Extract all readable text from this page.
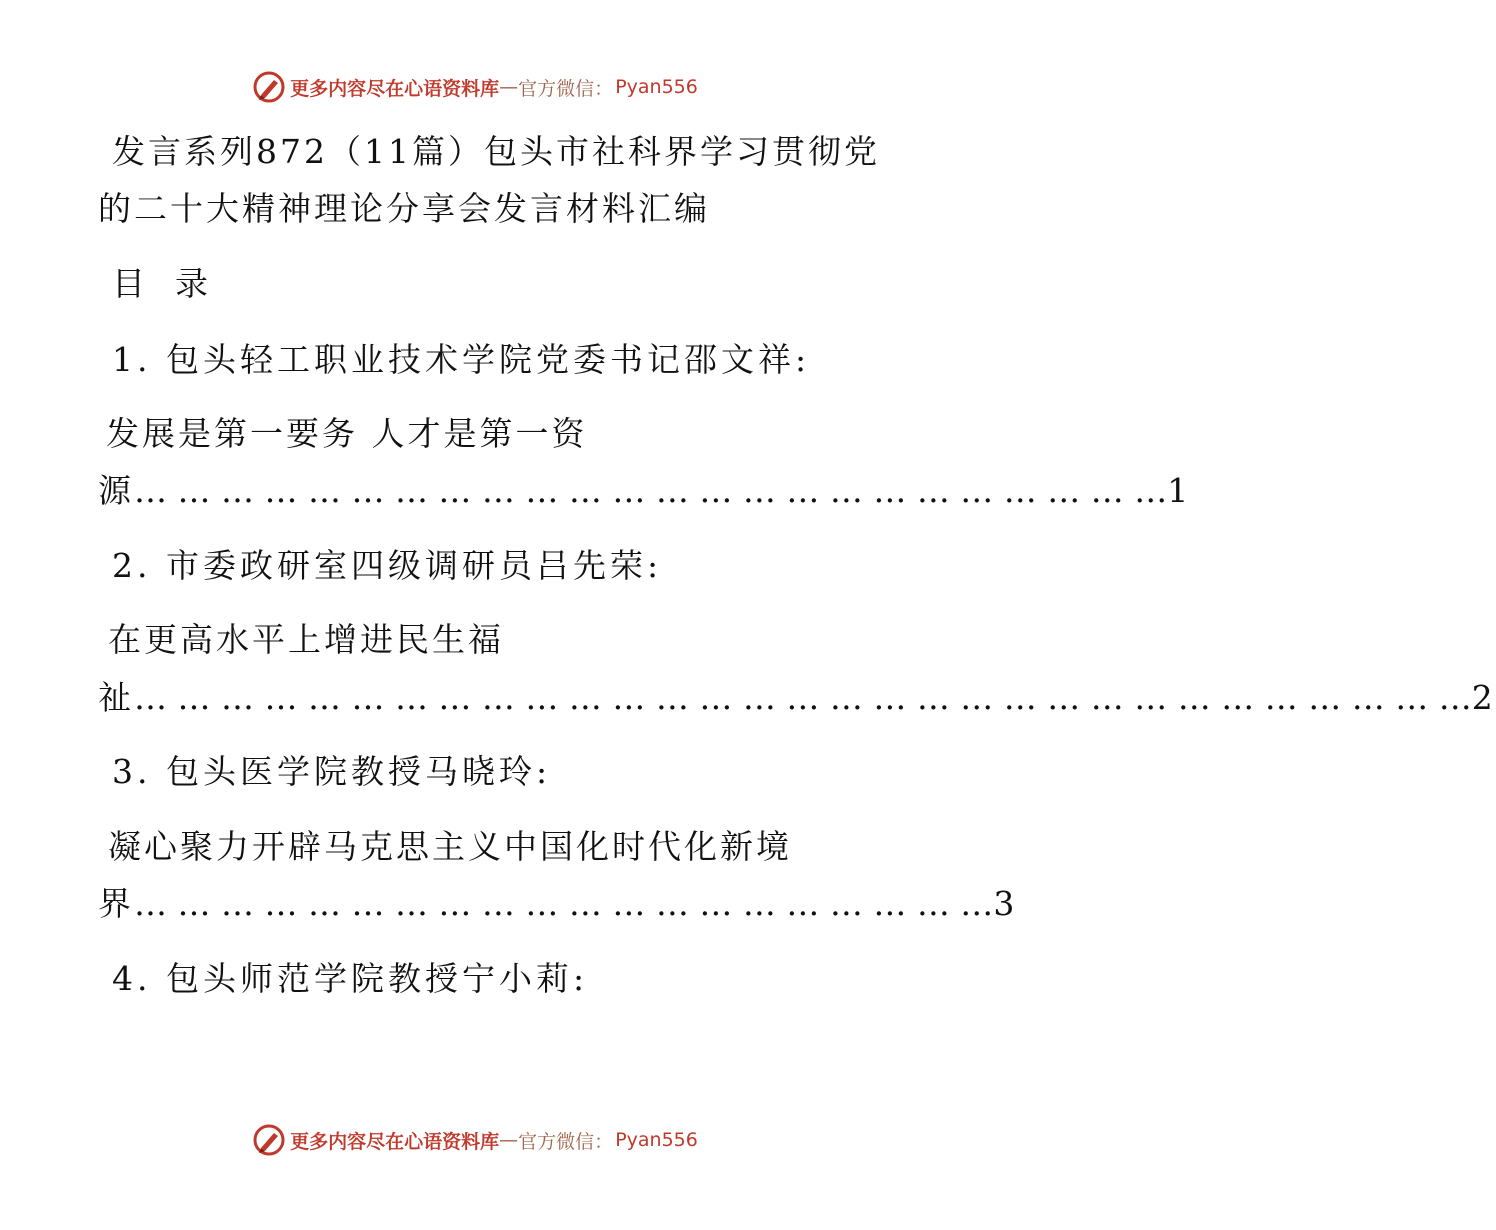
更多内容尽在心语资料库 — 官方微信： Pyan556
发言系列872（11篇）包头市社科界学习贯彻党
的二十大精神理论分享会发言材料汇编
目  录
1. 包头轻工职业技术学院党委书记邵文祥:
发展是第一要务 人才是第一资
源… … … … … … … … … … … … … … … … … … … … … … … …1
2. 市委政研室四级调研员吕先荣:
在更高水平上增进民生福
祉… … … … … … … … … … … … … … … … … … … … … … … … … … … … … … …2
3. 包头医学院教授马晓玲:
凝心聚力开辟马克思主义中国化时代化新境
界… … … … … … … … … … … … … … … … … … … …3
4. 包头师范学院教授宁小莉:
更多内容尽在心语资料库 — 官方微信： Pyan556
